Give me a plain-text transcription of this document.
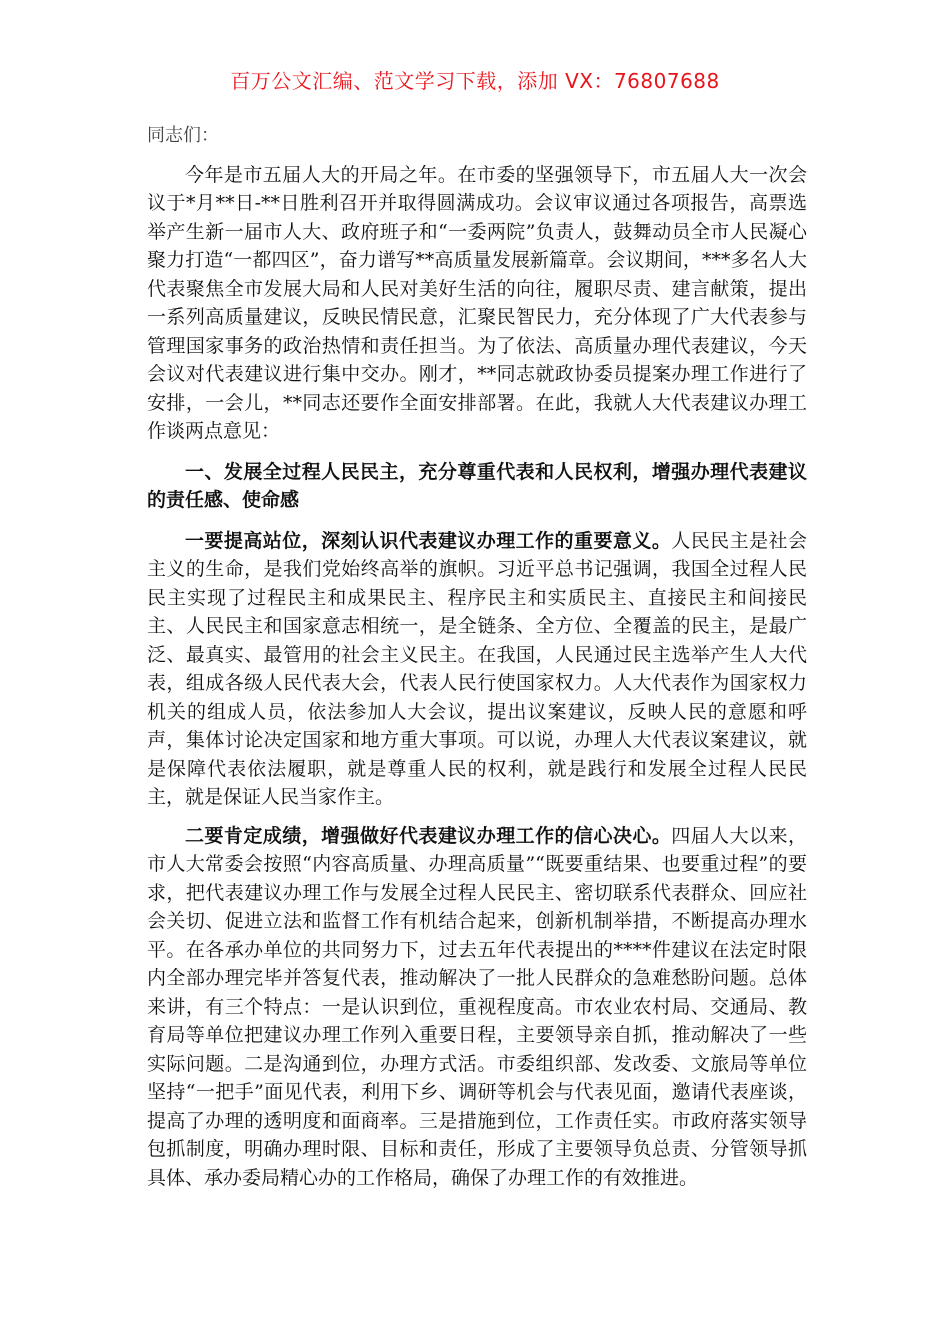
百万公文汇编、范文学习下载，添加 VX：76807688

同志们：

今年是市五届人大的开局之年。在市委的坚强领导下，市五届人大一次会议于*月**日-**日胜利召开并取得圆满成功。会议审议通过各项报告，高票选举产生新一届市人大、政府班子和“一委两院”负责人，鼓舞动员全市人民凝心聚力打造“一都四区”，奋力谱写**高质量发展新篇章。会议期间，***多名人大代表聚焦全市发展大局和人民对美好生活的向往，履职尽责、建言献策，提出一系列高质量建议，反映民情民意，汇聚民智民力，充分体现了广大代表参与管理国家事务的政治热情和责任担当。为了依法、高质量办理代表建议，今天会议对代表建议进行集中交办。刚才，**同志就政协委员提案办理工作进行了安排，一会儿，**同志还要作全面安排部署。在此，我就人大代表建议办理工作谈两点意见：

一、发展全过程人民民主，充分尊重代表和人民权利，增强办理代表建议的责任感、使命感

一要提高站位，深刻认识代表建议办理工作的重要意义。人民民主是社会主义的生命，是我们党始终高举的旗帜。习近平总书记强调，我国全过程人民民主实现了过程民主和成果民主、程序民主和实质民主、直接民主和间接民主、人民民主和国家意志相统一，是全链条、全方位、全覆盖的民主，是最广泛、最真实、最管用的社会主义民主。在我国，人民通过民主选举产生人大代表，组成各级人民代表大会，代表人民行使国家权力。人大代表作为国家权力机关的组成人员，依法参加人大会议，提出议案建议，反映人民的意愿和呼声，集体讨论决定国家和地方重大事项。可以说，办理人大代表议案建议，就是保障代表依法履职，就是尊重人民的权利，就是践行和发展全过程人民民主，就是保证人民当家作主。

二要肯定成绩，增强做好代表建议办理工作的信心决心。四届人大以来，市人大常委会按照“内容高质量、办理高质量”“既要重结果、也要重过程”的要求，把代表建议办理工作与发展全过程人民民主、密切联系代表群众、回应社会关切、促进立法和监督工作有机结合起来，创新机制举措，不断提高办理水平。在各承办单位的共同努力下，过去五年代表提出的****件建议在法定时限内全部办理完毕并答复代表，推动解决了一批人民群众的急难愁盼问题。总体来讲，有三个特点：一是认识到位，重视程度高。市农业农村局、交通局、教育局等单位把建议办理工作列入重要日程，主要领导亲自抓，推动解决了一些实际问题。二是沟通到位，办理方式活。市委组织部、发改委、文旅局等单位坚持“一把手”面见代表，利用下乡、调研等机会与代表见面，邀请代表座谈，提高了办理的透明度和面商率。三是措施到位，工作责任实。市政府落实领导包抓制度，明确办理时限、目标和责任，形成了主要领导负总责、分管领导抓具体、承办委局精心办的工作格局，确保了办理工作的有效推进。
